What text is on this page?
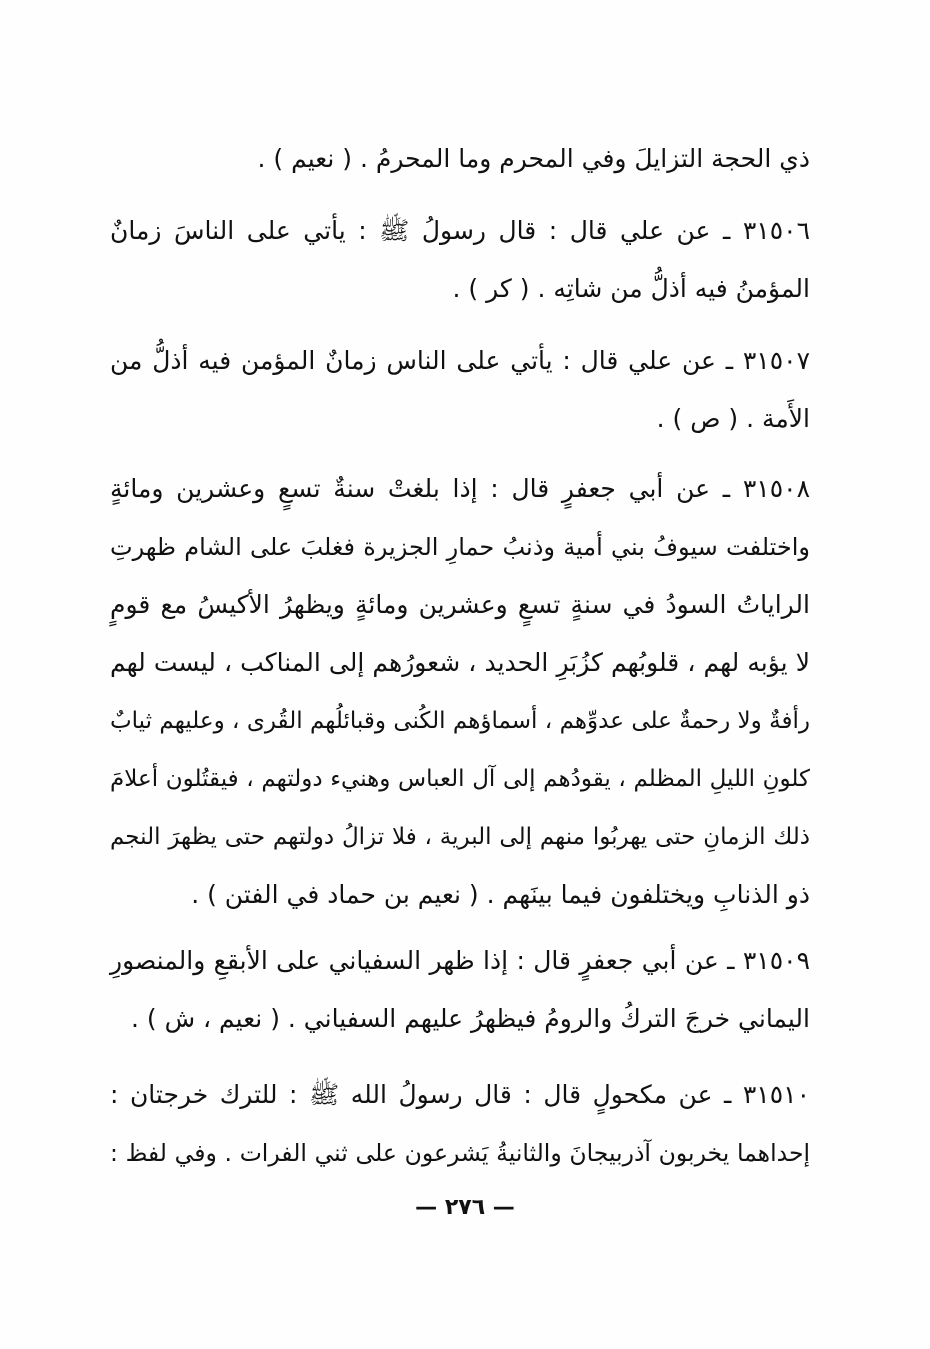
ذي الحجة التزايلَ وفي المحرم وما المحرمُ . ( نعيم ) .
٣١٥٠٦ ـ عن علي قال : قال رسولُ ﷺ : يأتي على الناسَ زمانٌ
المؤمنُ فيه أذلُّ من شاتِه . ( كر ) .
٣١٥٠٧ ـ عن علي قال : يأتي على الناس زمانٌ المؤمن فيه أذلُّ من
الأَمة . ( ص ) .
٣١٥٠٨ ـ عن أبي جعفرٍ قال : إذا بلغتْ سنةٌ تسعٍ وعشرين ومائةٍ
واختلفت سيوفُ بني أمية وذنبُ حمارِ الجزيرة فغلبَ على الشام ظهرتِ
الراياتُ السودُ في سنةٍ تسعٍ وعشرين ومائةٍ ويظهرُ الأكيسُ مع قومٍ
لا يؤبه لهم ، قلوبُهم كزُبَرِ الحديد ، شعورُهم إلى المناكب ، ليست لهم
رأفةٌ ولا رحمةٌ على عدوِّهم ، أسماؤهم الكُنى وقبائلُهم القُرى ، وعليهم ثيابٌ
كلونِ الليلِ المظلم ، يقودُهم إلى آل العباس وهنيء دولتهم ، فيقتُلون أعلامَ
ذلك الزمانِ حتى يهربُوا منهم إلى البرية ، فلا تزالُ دولتهم حتى يظهرَ النجم
ذو الذنابِ ويختلفون فيما بينَهم . ( نعيم بن حماد في الفتن ) .
٣١٥٠٩ ـ عن أبي جعفرٍ قال : إذا ظهر السفياني على الأبقعِ والمنصورِ
اليماني خرجَ التركُ والرومُ فيظهرُ عليهم السفياني . ( نعيم ، ش ) .
٣١٥١٠ ـ عن مكحولٍ قال : قال رسولُ الله ﷺ : للترك خرجتان :
إحداهما يخربون آذربيجانَ والثانيةُ يَشرعون على ثني الفرات . وفي لفظ :
— ٢٧٦ —
